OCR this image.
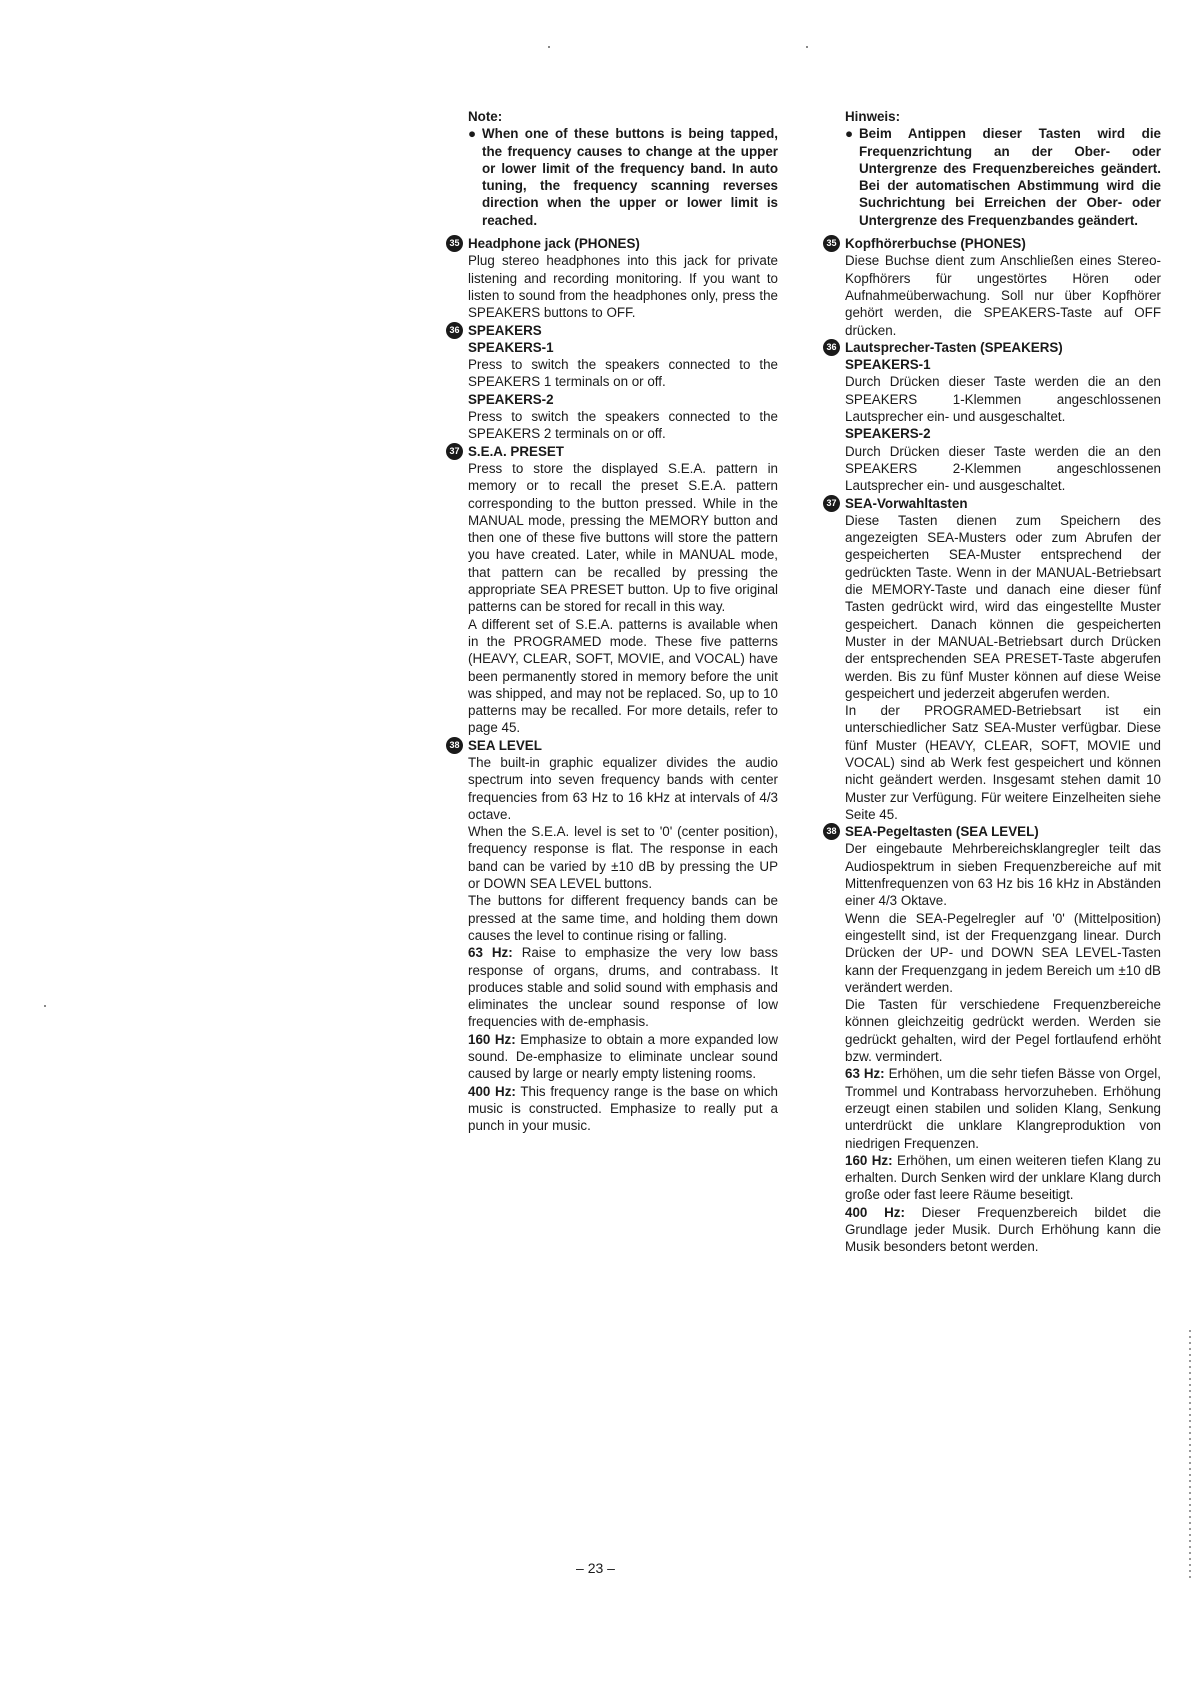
Note:
● When one of these buttons is being tapped, the frequency causes to change at the upper or lower limit of the frequency band. In auto tuning, the frequency scanning reverses direction when the upper or lower limit is reached.
35 Headphone jack (PHONES)

Plug stereo headphones into this jack for private listening and recording monitoring. If you want to listen to sound from the headphones only, press the SPEAKERS buttons to OFF.

36 SPEAKERS
SPEAKERS-1

Press to switch the speakers connected to the SPEAKERS 1 terminals on or off.

SPEAKERS-2

Press to switch the speakers connected to the SPEAKERS 2 terminals on or off.

37 S.E.A. PRESET

Press to store the displayed S.E.A. pattern in memory or to recall the preset S.E.A. pattern corresponding to the button pressed. While in the MANUAL mode, pressing the MEMORY button and then one of these five buttons will store the pattern you have created. Later, while in MANUAL mode, that pattern can be recalled by pressing the appropriate SEA PRESET button. Up to five original patterns can be stored for recall in this way.

A different set of S.E.A. patterns is available when in the PROGRAMED mode. These five patterns (HEAVY, CLEAR, SOFT, MOVIE, and VOCAL) have been permanently stored in memory before the unit was shipped, and may not be replaced. So, up to 10 patterns may be recalled. For more details, refer to page 45.

38 SEA LEVEL

The built-in graphic equalizer divides the audio spectrum into seven frequency bands with center frequencies from 63 Hz to 16 kHz at intervals of 4/3 octave.

When the S.E.A. level is set to '0' (center position), frequency response is flat. The response in each band can be varied by ±10 dB by pressing the UP or DOWN SEA LEVEL buttons.

The buttons for different frequency bands can be pressed at the same time, and holding them down causes the level to continue rising or falling.

63 Hz: Raise to emphasize the very low bass response of organs, drums, and contrabass. It produces stable and solid sound with emphasis and eliminates the unclear sound response of low frequencies with de-emphasis.

160 Hz: Emphasize to obtain a more expanded low sound. De-emphasize to eliminate unclear sound caused by large or nearly empty listening rooms.

400 Hz: This frequency range is the base on which music is constructed. Emphasize to really put a punch in your music.

Hinweis:
● Beim Antippen dieser Tasten wird die Frequenzrichtung an der Ober- oder Untergrenze des Frequenzbereiches geändert. Bei der automatischen Abstimmung wird die Suchrichtung bei Erreichen der Ober- oder Untergrenze des Frequenzbandes geändert.
35 Kopfhörerbuchse (PHONES)

Diese Buchse dient zum Anschließen eines Stereo-Kopfhörers für ungestörtes Hören oder Aufnahmeüberwachung. Soll nur über Kopfhörer gehört werden, die SPEAKERS-Taste auf OFF drücken.

36 Lautsprecher-Tasten (SPEAKERS)
SPEAKERS-1

Durch Drücken dieser Taste werden die an den SPEAKERS 1-Klemmen angeschlossenen Lautsprecher ein- und ausgeschaltet.

SPEAKERS-2

Durch Drücken dieser Taste werden die an den SPEAKERS 2-Klemmen angeschlossenen Lautsprecher ein- und ausgeschaltet.

37 SEA-Vorwahltasten

Diese Tasten dienen zum Speichern des angezeigten SEA-Musters oder zum Abrufen der gespeicherten SEA-Muster entsprechend der gedrückten Taste. Wenn in der MANUAL-Betriebsart die MEMORY-Taste und danach eine dieser fünf Tasten gedrückt wird, wird das eingestellte Muster gespeichert. Danach können die gespeicherten Muster in der MANUAL-Betriebsart durch Drücken der entsprechenden SEA PRESET-Taste abgerufen werden. Bis zu fünf Muster können auf diese Weise gespeichert und jederzeit abgerufen werden.

In der PROGRAMED-Betriebsart ist ein unterschiedlicher Satz SEA-Muster verfügbar. Diese fünf Muster (HEAVY, CLEAR, SOFT, MOVIE und VOCAL) sind ab Werk fest gespeichert und können nicht geändert werden. Insgesamt stehen damit 10 Muster zur Verfügung. Für weitere Einzelheiten siehe Seite 45.

38 SEA-Pegeltasten (SEA LEVEL)

Der eingebaute Mehrbereichsklangregler teilt das Audiospektrum in sieben Frequenzbereiche auf mit Mittenfrequenzen von 63 Hz bis 16 kHz in Abständen einer 4/3 Oktave.

Wenn die SEA-Pegelregler auf '0' (Mittelposition) eingestellt sind, ist der Frequenzgang linear. Durch Drücken der UP- und DOWN SEA LEVEL-Tasten kann der Frequenzgang in jedem Bereich um ±10 dB verändert werden.

Die Tasten für verschiedene Frequenzbereiche können gleichzeitig gedrückt werden. Werden sie gedrückt gehalten, wird der Pegel fortlaufend erhöht bzw. vermindert.

63 Hz: Erhöhen, um die sehr tiefen Bässe von Orgel, Trommel und Kontrabass hervorzuheben. Erhöhung erzeugt einen stabilen und soliden Klang, Senkung unterdrückt die unklare Klangreproduktion von niedrigen Frequenzen.

160 Hz: Erhöhen, um einen weiteren tiefen Klang zu erhalten. Durch Senken wird der unklare Klang durch große oder fast leere Räume beseitigt.

400 Hz: Dieser Frequenzbereich bildet die Grundlage jeder Musik. Durch Erhöhung kann die Musik besonders betont werden.

– 23 –
